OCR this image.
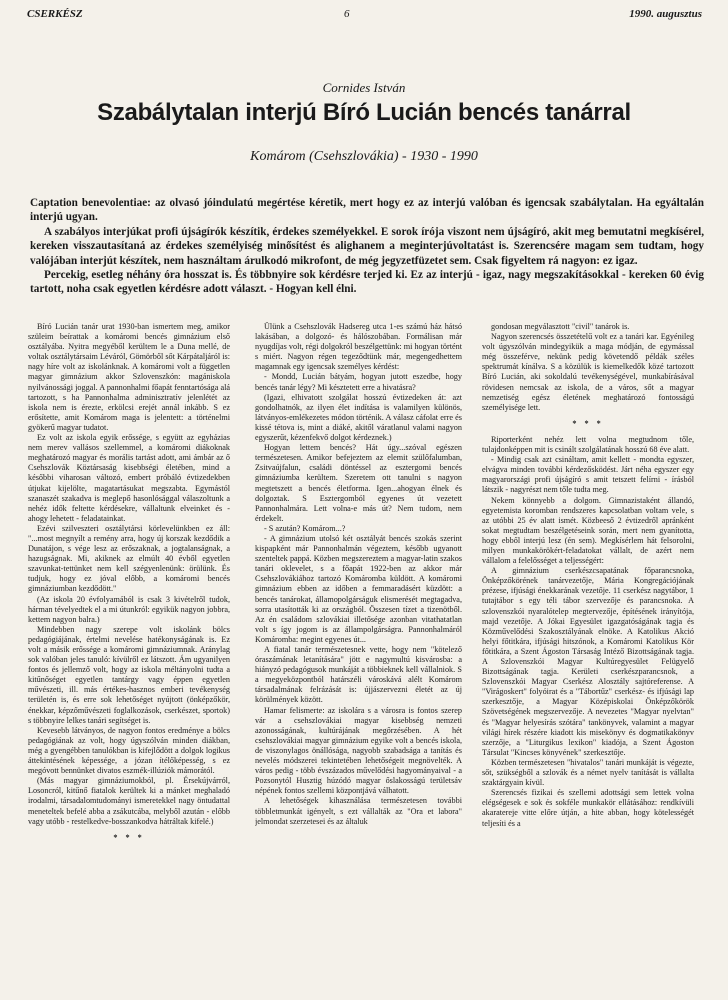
CSERKÉSZ	6	1990. augusztus
Cornides István
Szabálytalan interjú Bíró Lucián bencés tanárral
Komárom (Csehszlovákia) - 1930 - 1990

Captation benevolentiae: az olvasó jóindulatú megértése kéretik, mert hogy ez az interjú valóban és igencsak szabálytalan. Ha egyáltalán interjú ugyan.

A szabályos interjúkat profi újságírók készítik, érdekes személyekkel. E sorok írója viszont nem újságíró, akit meg bemutatni megkísérel, kereken visszautasítaná az érdekes személyiség minősítést és alighanem a meginterjúvoltatást is. Szerencsére magam sem tudtam, hogy valójában interjút készítek, nem használtam árulkodó mikrofont, de még jegyzetfüzetet sem. Csak figyeltem rá nagyon: ez igaz.

Percekig, esetleg néhány óra hosszat is. És többnyire sok kérdésre terjed ki. Ez az interjú - igaz, nagy megszakításokkal - kereken 60 évig tartott, noha csak egyetlen kérdésre adott választ. - Hogyan kell élni.

Bíró Lucián tanár urat 1930-ban ismertem meg, amikor szüleim beírattak a komáromi bencés gimnázium első osztályába. Nyitra megyéből kerültem le a Duna mellé, de voltak osztálytársaim Léváról, Gömörből sőt Kárpátaljáról is: nagy híre volt az iskolánknak. A komáromi volt a független magyar gimnázium akkor Szlovenszkón: magániskola nyilvánossági joggal. A pannonhalmi főapát fenntartósága alá tartozott, s ha Pannonhalma adminisztratív jelenlétét az iskola nem is érezte, erkölcsi erejét annál inkább. S ez erősítette, amit Komárom maga is jelentett: a történelmi gyökerű magyar tudatot.

Ez volt az iskola egyik erőssége, s együtt az egyházias nem merev vallásos szellemmel, a komáromi diákoknak meghatározó magyar és morális tartást adott, ami ámbár az ő Csehszlovák Köztársaság kisebbségi életében, mind a későbbi viharosan változó, embert próbáló évtizedekben útjukat kijelölte, magatartásukat megszabta. Egymástól szanaszét szakadva is meglepő hasonlósággal válaszoltunk a nehéz idők feltette kérdésekre, vállaltunk elveinket és - ahogy lehetett - feladatainkat.

Ezévi szilveszteri osztálytársi körlevelünkben ez áll: "...most megnyílt a remény arra, hogy új korszak kezdődik a Dunatájon, s vége lesz az erőszaknak, a jogtalanságnak, a hazugságnak. Mi, akiknek az elmúlt 40 évből egyetlen szavunkat-tettünket nem kell szégyenlenünk: örülünk. És tudjuk, hogy ez jóval előbb, a komáromi bencés gimnáziumban kezdődött."

(Az iskola 20 évfolyamából is csak 3 kivételről tudok, hárman tévelyedtek el a mi útunkról: egyikük nagyon jobbra, kettem nagyon balra.)

Mindebben nagy szerepe volt iskolánk bölcs pedagógiájának, értelmi nevelése hatékonyságának is. Ez volt a másik erőssége a komáromi gimnáziumnak. Aránylag sok valóban jeles tanuló: kívülről ez látszott. Ám ugyanilyen fontos és jellemző volt, hogy az iskola méltányolni tudta a kitűnőséget egyetlen tantárgy vagy éppen egyetlen művészeti, ill. más értékes-hasznos emberi tevékenység területén is, és erre sok lehetőséget nyújtott (önképzőkör, énekkar, képzőművészeti foglalkozások, cserkészet, sportok) s többnyire lelkes tanári segítséget is.

Kevesebb látványos, de nagyon fontos eredménye a bölcs pedagógiának az volt, hogy úgyszólván minden diákban, még a gyengébben tanulókban is kifejlődött a dolgok logikus áttekintésének képessége, a józan ítélőképesség, s ez megóvott bennünket divatos eszmék-illúziók mámorától.

(Más magyar gimnáziumokból, pl. Érsekújvárról, Losoncról, kitűnő fiatalok kerültek ki a mánket meghaladó irodalmi, társadalomtudományi ismeretekkel nagy öntudattal meneteltek befelé abba a zsákutcába, melyből azután - előbb vagy utóbb - restelkedve-bosszankodva hátráltak kifelé.)

* * *

Ülünk a Csehszlovák Hadsereg utca 1-es számú ház hátsó lakásában, a dolgozó- és hálószobában. Formálisan már nyugdíjas volt, régi dolgokról beszélgettünk: mi hogyan történt s miért. Nagyon régen tegeződtünk már, megengedhettem magamnak egy igencsak személyes kérdést:

- Mondd, Lucián bátyám, hogyan jutott eszedbe, hogy bencés tanár légy? Mi késztetett erre a hivatásra?

(Igazi, elhivatott szolgálat hosszú évtizedeken át: azt gondolhatnók, az ilyen élet indítása is valamilyen különös, látványos-emlékezetes módon történik. A válasz cáfolat erre és kissé tétova is, mint a diáké, akitől váratlanul valami nagyon egyszerűt, kézenfekvő dolgot kérdeznek.)

Hogyan lettem bencés? Hát úgy...szóval egészen természetesen. Amikor befejeztem az elemit szülőfalumban, Zsitvaújfalun, családi döntéssel az esztergomi bencés gimnáziumba kerültem. Szeretem ott tanulni s nagyon megtetszett a bencés életforma. Igen...ahogyan élnek és dolgoztak. S Esztergomból egyenes út vezetett Pannonhalmára. Lett volna-e más út? Nem tudom, nem érdekelt.

- S azután? Komárom...?

- A gimnázium utolsó két osztályát bencés szokás szerint kispapként már Pannonhalmán végeztem, később ugyanott szenteltek pappá. Közben megszereztem a magyar-latin szakos tanári oklevelet, s a főapát 1922-ben az akkor már Csehszlovákiához tartozó Komáromba küldött. A komáromi gimnázium ebben az időben a femmaradásért küzdött: a bencés tanárokat, államopolgárságuk elismerését megtagadva, sorra utasították ki az országból. Összesen tízet a tizenötből. Az én családom szlovákiai illetősége azonban vitathatatlan volt s így jogom is az állampolgárságra. Pannonhalmáról Komáromba: megint egyenes út...

A fiatal tanár természetesnek vette, hogy nem "kötelező óraszámának letanítására" jött e nagymultú kisvárosba: a hiányzó pedagógusok munkáját a többieknek kell vállalniok. S a megyeközpontból határszéli városkává alélt Komárom társadalmának felrázását is: újjászervezni életét az új körülmények között.

Hamar felismerte: az iskolára s a városra is fontos szerep vár a csehszlovákiai magyar kisebbség nemzeti azonosságának, kultúrájának megőrzésében. A hét csehszlovákiai magyar gimnázium egyike volt a bencés iskola, de viszonylagos önállósága, nagyobb szabadsága a tanítás és nevelés módszerei tekintetében lehetőségeit megnövelték. A város pedig - több évszázados művelődési hagyományaival - a Pozsonytól Husztig húzódó magyar őslakosságú területsáv népének fontos szellemi központjává válhatott.

A lehetőségek kihasználása természetesen további többletmunkát igényelt, s ezt vállalták az "Ora et labora" jelmondat szerzetesei és az általuk

gondosan megválasztott "civil" tanárok is.

Nagyon szerencsés összetételű volt ez a tanári kar. Egyénileg volt úgyszólván mindegyikük a maga módján, de egymással még összeférve, nekünk pedig követendő példák széles spektrumát kínálva. S a közülük is kiemelkedők közé tartozott Bíró Lucián, aki sokoldalú tevékenységével, munkabírásával rövidesen nemcsak az iskola, de a város, sőt a magyar nemzetiség egész életének meghatározó fontosságú személyisége lett.

* * *

Riporterként nehéz lett volna megtudnom tőle, tulajdonképpen mit is csinált szolgálatának hosszú 68 éve alatt.

- Mindig csak azt csináltam, amit kellett - mondta egyszer, elvágva minden további kérdezősködést. Járt néha egyszer egy magyarországi profi újságíró s amit tetszett felírni - írásból látszik - nagyrészt nem tőle tudta meg.

Nekem könnyebb a dolgom. Gimnazistaként állandó, egyetemista koromban rendszeres kapcsolatban voltam vele, s az utóbbi 25 év alatt ismét. Közbeeső 2 évtizedről apránként sokat megtudtam beszélgetéseink során, mert nem gyanította, hogy ebből interjú lesz (én sem). Megkísérlem hát felsorolni, milyen munkakörökért-feladatokat vállalt, de azért nem vállalom a felelősséget a teljességért:

A gimnázium cserkészcsapatának főparancsnoka, Önképzőkörének tanárvezetője, Mária Kongregációjának prézese, ifjúsági énekkarának vezetője. 11 cserkész nagytábor, 1 tutajtábor s egy téli tábor szervezője és parancsnoka. A szlovenszkói nyaralótelep megtervezője, építésének irányítója, majd vezetője. A Jókai Egyesület igazgatóságának tagja és Közművelődési Szakosztályának elnöke. A Katolikus Akció helyi főtitkára, ifjúsági hitszónok, a Komáromi Katolikus Kör főtitkára, a Szent Ágoston Társaság Intéző Bizottságának tagja. A Szlovenszkói Magyar Kultúregyesület Felügyelő Bizottságának tagja. Kerületi cserkészparancsnok, a Szlovenszkói Magyar Cserkész Alosztály sajtóreferense. A "Virágoskert" folyóirat és a "Tábortűz" cserkész- és ifjúsági lap szerkesztője, a Magyar Középiskolai Önképzőkörök Szövetségének megszervezője. A nevezetes "Magyar nyelvtan" és "Magyar helyesírás szótára" tankönyvek, valamint a magyar világi hírek részére kiadott kis misekönyv és dogmatikakönyv szerzője, a "Liturgikus lexikon" kiadója, a Szent Ágoston Társulat "Kincses könyvének" szerkesztője.

Közben természetesen "hivatalos" tanári munkáját is végezte, sőt, szükségből a szlovák és a német nyelv tanítását is vállalta szaktárgyain kívül.

Szerencsés fizikai és szellemi adottsági sem lettek volna elégségesek e sok és sokféle munkakör ellátásához: rendkívüli akaratereje vitte előre útján, a hite abban, hogy kötelességét teljesíti és a
